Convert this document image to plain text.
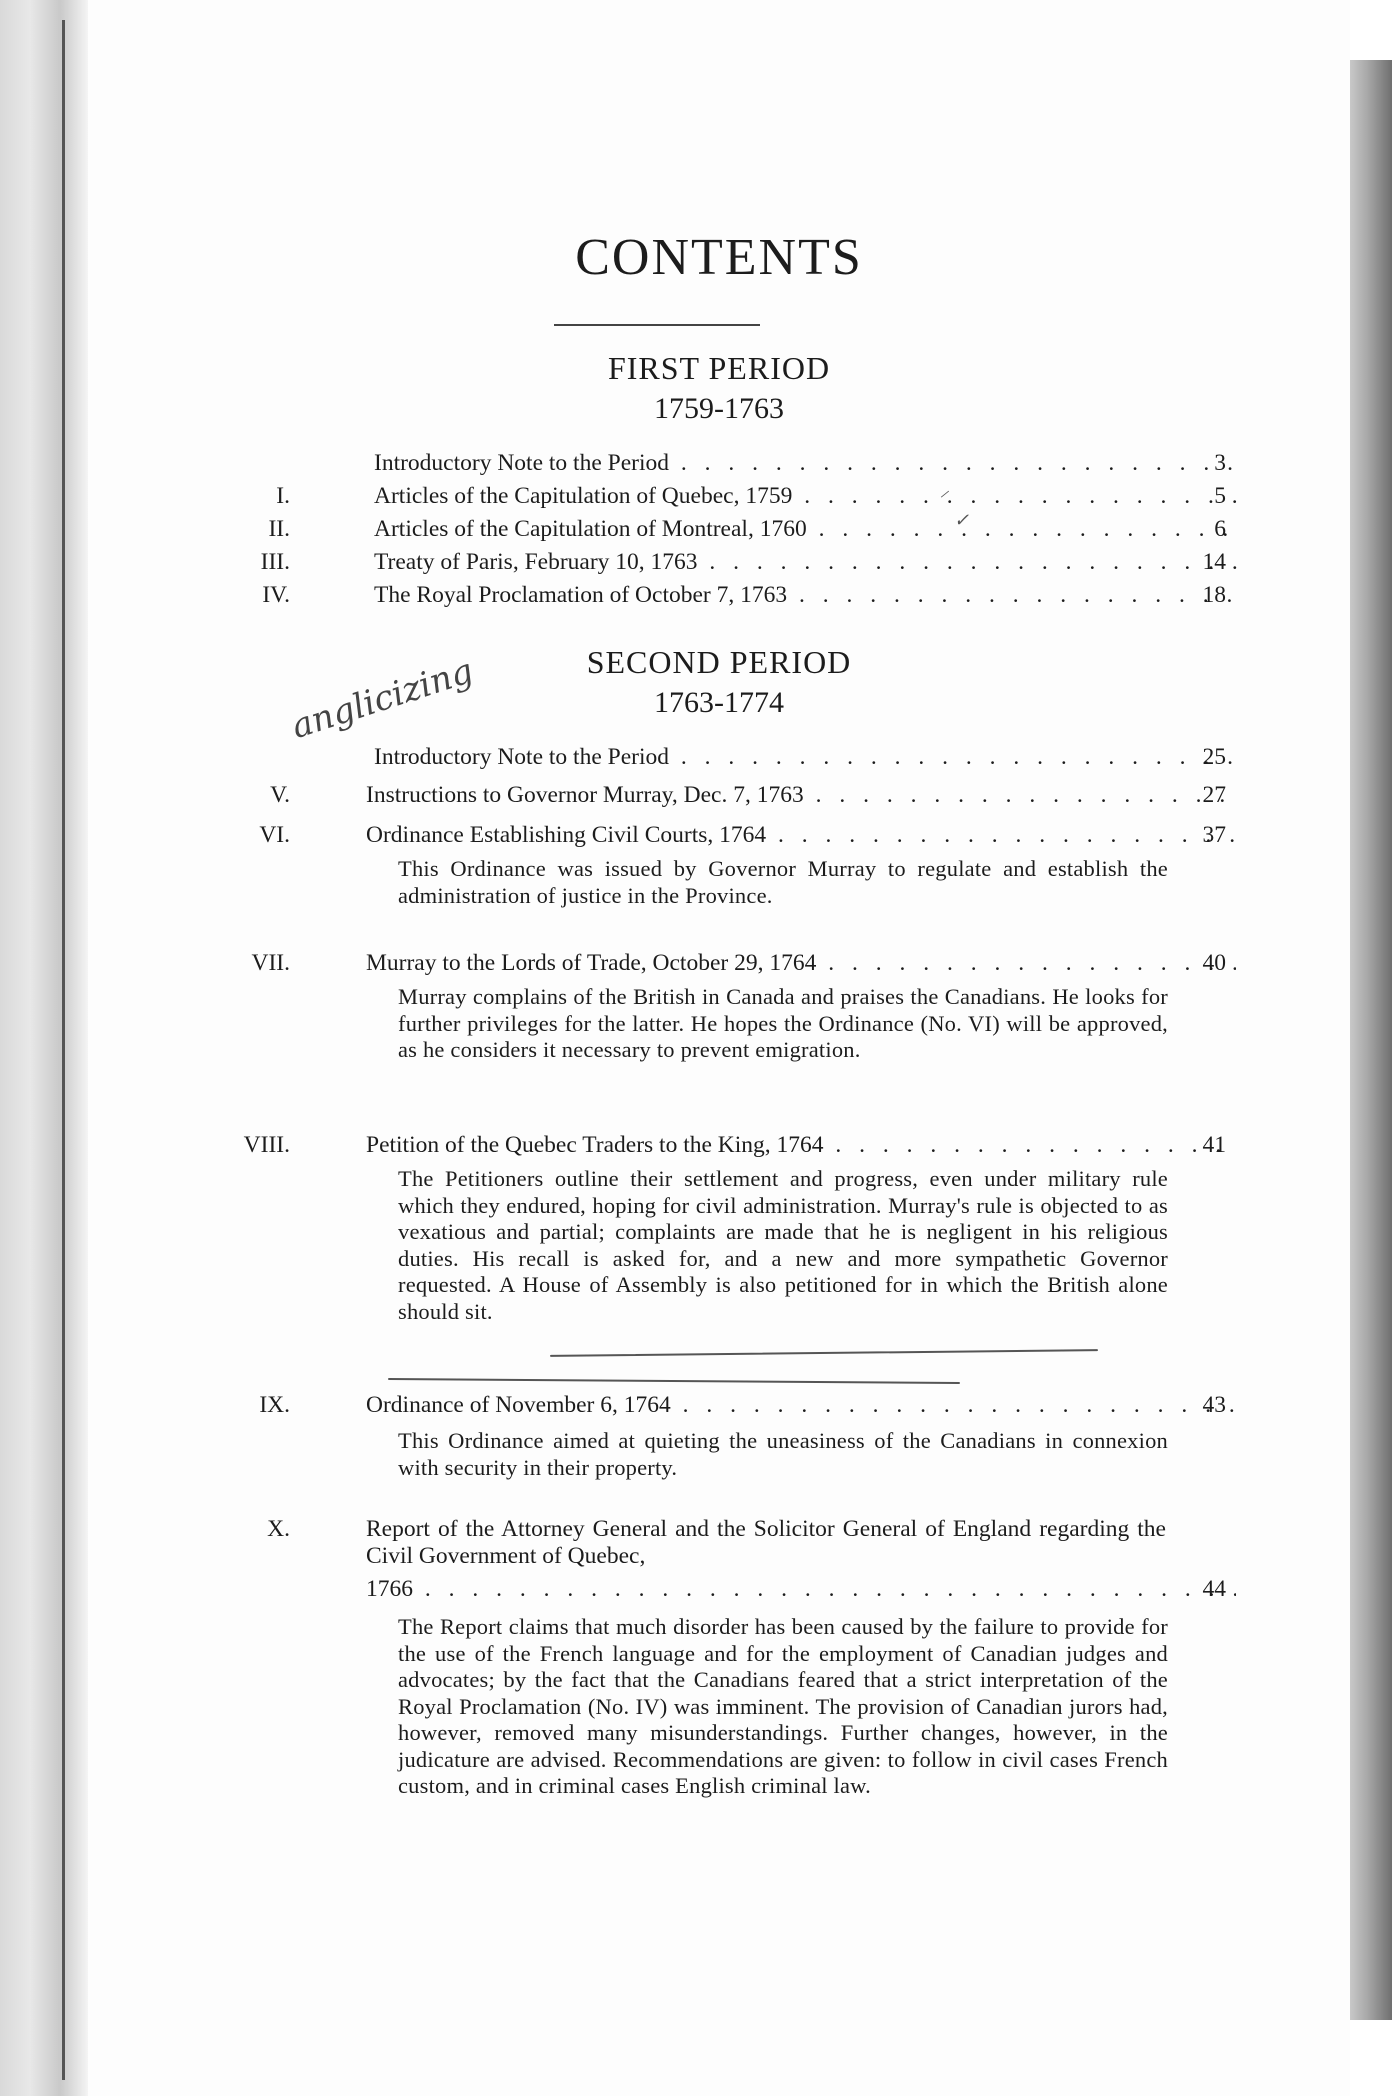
CONTENTS
FIRST PERIOD
1759-1763
Introductory Note to the Period . . .	3
I.	Articles of the Capitulation of Quebec, 1759 . . .	5
II.	Articles of the Capitulation of Montreal, 1760 . . .	6
III.	Treaty of Paris, February 10, 1763 . . .	14
IV.	The Royal Proclamation of October 7, 1763 . . .	18
⸝
✓
SECOND PERIOD
1763-1774
anglicizing
Introductory Note to the Period . . .	25
V.	Instructions to Governor Murray, Dec. 7, 1763 . . .	27
VI.	Ordinance Establishing Civil Courts, 1764 . . .	37
This Ordinance was issued by Governor Murray to regulate and establish the administration of justice in the Province.
VII.	Murray to the Lords of Trade, October 29, 1764 . . .	40
Murray complains of the British in Canada and praises the Canadians. He looks for further privileges for the latter. He hopes the Ordinance (No. VI) will be approved, as he considers it necessary to prevent emigration.
VIII.	Petition of the Quebec Traders to the King, 1764 . . .	41
The Petitioners outline their settlement and progress, even under military rule which they endured, hoping for civil administration. Murray's rule is objected to as vexatious and partial; complaints are made that he is negligent in his religious duties. His recall is asked for, and a new and more sympathetic Governor requested. A House of Assembly is also petitioned for in which the British alone should sit.
IX.	Ordinance of November 6, 1764 . . .	43
This Ordinance aimed at quieting the uneasiness of the Canadians in connexion with security in their property.
X.	Report of the Attorney General and the Solicitor General of England regarding the Civil Government of Quebec,
1766 . . .	44
The Report claims that much disorder has been caused by the failure to provide for the use of the French language and for the employment of Canadian judges and advocates; by the fact that the Canadians feared that a strict interpretation of the Royal Proclamation (No. IV) was imminent. The provision of Canadian jurors had, however, removed many misunderstandings. Further changes, however, in the judicature are advised. Recommendations are given: to follow in civil cases French custom, and in criminal cases English criminal law.
